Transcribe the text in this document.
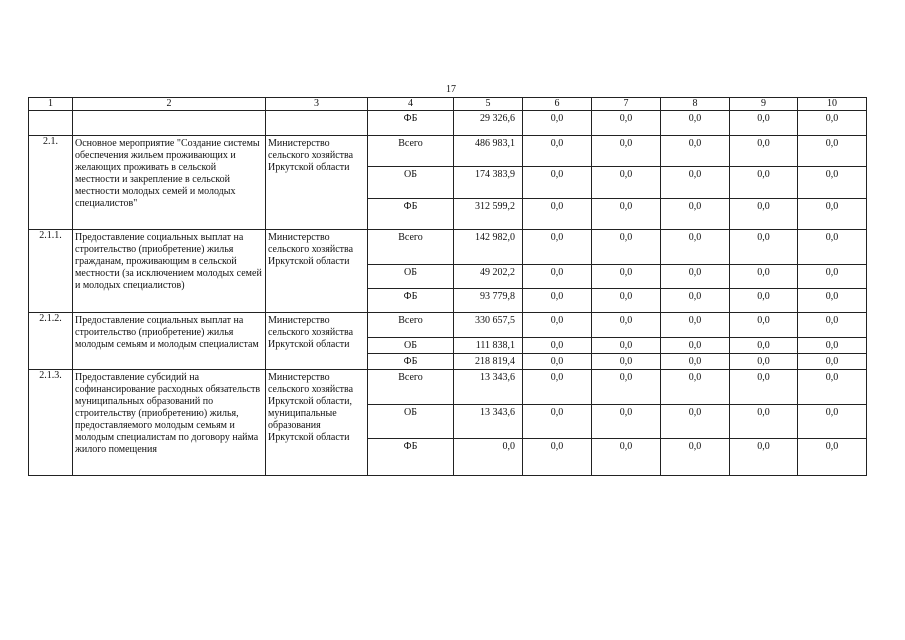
17
1	2	3	4	5	6	7	8	9	10
			ФБ	29 326,6	0,0	0,0	0,0	0,0	0,0
2.1.	Основное мероприятие "Создание системы обеспечения жильем проживающих и желающих проживать в сельской местности и закрепление в сельской местности молодых семей и молодых специалистов"	Министерство сельского хозяйства Иркутской области	Всего	486 983,1	0,0	0,0	0,0	0,0	0,0
			ОБ	174 383,9	0,0	0,0	0,0	0,0	0,0
			ФБ	312 599,2	0,0	0,0	0,0	0,0	0,0
2.1.1.	Предоставление социальных выплат на строительство (приобретение) жилья гражданам, проживающим в сельской местности (за исключением молодых семей и молодых специалистов)	Министерство сельского хозяйства Иркутской области	Всего	142 982,0	0,0	0,0	0,0	0,0	0,0
			ОБ	49 202,2	0,0	0,0	0,0	0,0	0,0
			ФБ	93 779,8	0,0	0,0	0,0	0,0	0,0
2.1.2.	Предоставление социальных выплат на строительство (приобретение) жилья молодым семьям и молодым специалистам	Министерство сельского хозяйства Иркутской области	Всего	330 657,5	0,0	0,0	0,0	0,0	0,0
			ОБ	111 838,1	0,0	0,0	0,0	0,0	0,0
			ФБ	218 819,4	0,0	0,0	0,0	0,0	0,0
2.1.3.	Предоставление субсидий на софинансирование расходных обязательств муниципальных образований по строительству (приобретению) жилья, предоставляемого молодым семьям и молодым специалистам по договору найма жилого помещения	Министерство сельского хозяйства Иркутской области, муниципальные образования Иркутской области	Всего	13 343,6	0,0	0,0	0,0	0,0	0,0
			ОБ	13 343,6	0,0	0,0	0,0	0,0	0,0
			ФБ	0,0	0,0	0,0	0,0	0,0	0,0
